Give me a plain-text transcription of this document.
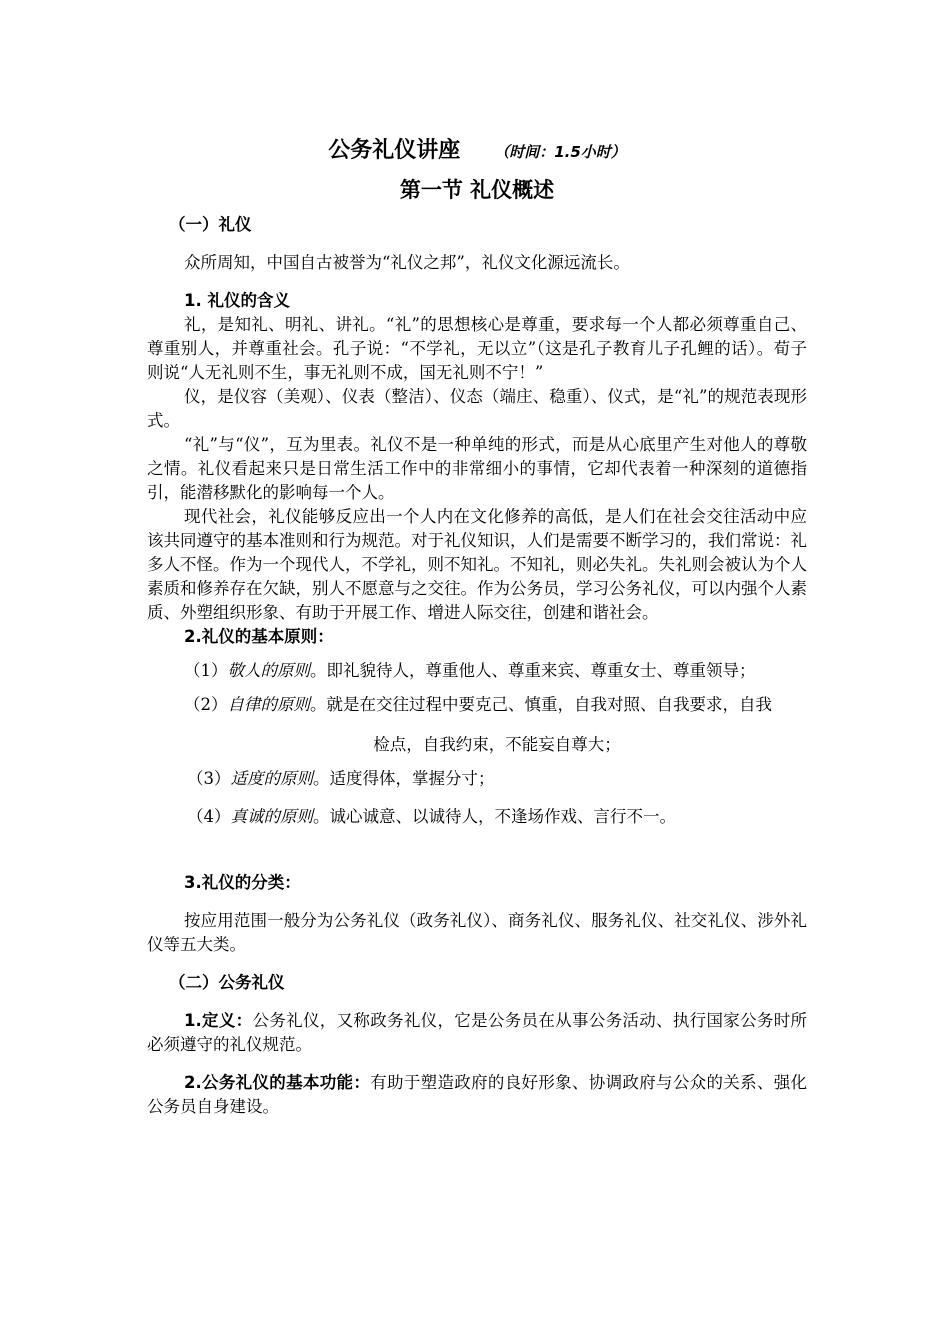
公务礼仪讲座 （时间：1.5小时）

第一节 礼仪概述

（一）礼仪

众所周知，中国自古被誉为“礼仪之邦”，礼仪文化源远流长。

1. 礼仪的含义

礼，是知礼、明礼、讲礼。“礼”的思想核心是尊重，要求每一个人都必须尊重自己、尊重别人，并尊重社会。孔子说：“不学礼，无以立”（这是孔子教育儿子孔鲤的话）。荀子则说“人无礼则不生，事无礼则不成，国无礼则不宁！”

仪，是仪容（美观）、仪表（整洁）、仪态（端庄、稳重）、仪式，是“礼”的规范表现形式。

“礼”与“仪”，互为里表。礼仪不是一种单纯的形式，而是从心底里产生对他人的尊敬之情。礼仪看起来只是日常生活工作中的非常细小的事情，它却代表着一种深刻的道德指引，能潜移默化的影响每一个人。

现代社会，礼仪能够反应出一个人内在文化修养的高低，是人们在社会交往活动中应该共同遵守的基本准则和行为规范。对于礼仪知识，人们是需要不断学习的，我们常说：礼多人不怪。作为一个现代人，不学礼，则不知礼。不知礼，则必失礼。失礼则会被认为个人素质和修养存在欠缺，别人不愿意与之交往。作为公务员，学习公务礼仪，可以内强个人素质、外塑组织形象、有助于开展工作、增进人际交往，创建和谐社会。

2.礼仪的基本原则：

（1）敬人的原则。即礼貌待人，尊重他人、尊重来宾、尊重女士、尊重领导；

（2）自律的原则。就是在交往过程中要克己、慎重，自我对照、自我要求，自我

检点，自我约束，不能妄自尊大；

（3）适度的原则。适度得体，掌握分寸；

（4）真诚的原则。诚心诚意、以诚待人，不逢场作戏、言行不一。

3.礼仪的分类：

按应用范围一般分为公务礼仪（政务礼仪）、商务礼仪、服务礼仪、社交礼仪、涉外礼仪等五大类。

（二）公务礼仪

1.定义：公务礼仪，又称政务礼仪，它是公务员在从事公务活动、执行国家公务时所必须遵守的礼仪规范。

2.公务礼仪的基本功能：有助于塑造政府的良好形象、协调政府与公众的关系、强化公务员自身建设。
